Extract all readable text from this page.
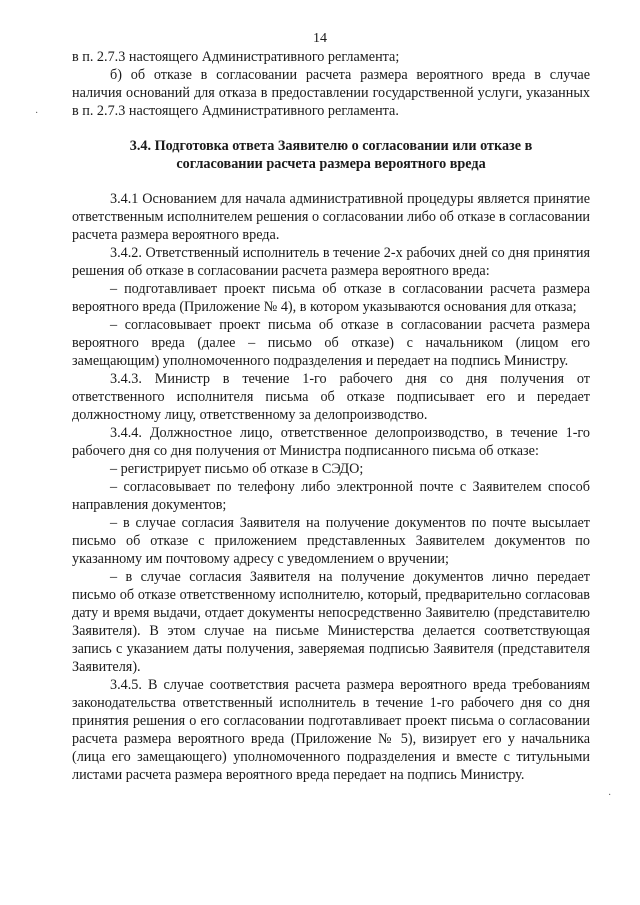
14

в п. 2.7.3 настоящего Административного регламента;

б) об отказе в согласовании расчета размера вероятного вреда в случае наличия оснований для отказа в предоставлении государственной услуги, указанных в п. 2.7.3 настоящего Административного регламента.

3.4. Подготовка ответа Заявителю о согласовании или отказе в согласовании расчета размера вероятного вреда

3.4.1 Основанием для начала административной процедуры является принятие ответственным исполнителем решения о согласовании либо об отказе в согласовании расчета размера вероятного вреда.

3.4.2. Ответственный исполнитель в течение 2-х рабочих дней со дня принятия решения об отказе в согласовании расчета размера вероятного вреда:

– подготавливает проект письма об отказе в согласовании расчета размера вероятного вреда (Приложение № 4), в котором указываются основания для отказа;

– согласовывает проект письма об отказе в согласовании расчета размера вероятного вреда (далее – письмо об отказе) с начальником (лицом его замещающим) уполномоченного подразделения и передает на подпись Министру.

3.4.3. Министр в течение 1-го рабочего дня со дня получения от ответственного исполнителя письма об отказе подписывает его и передает должностному лицу, ответственному за делопроизводство.

3.4.4. Должностное лицо, ответственное делопроизводство, в течение 1-го рабочего дня со дня получения от Министра подписанного письма об отказе:

– регистрирует письмо об отказе в СЭДО;

– согласовывает по телефону либо электронной почте с Заявителем способ направления документов;

– в случае согласия Заявителя на получение документов по почте высылает письмо об отказе с приложением представленных Заявителем документов по указанному им почтовому адресу с уведомлением о вручении;

– в случае согласия Заявителя на получение документов лично передает письмо об отказе ответственному исполнителю, который, предварительно согласовав дату и время выдачи, отдает документы непосредственно Заявителю (представителю Заявителя). В этом случае на письме Министерства делается соответствующая запись с указанием даты получения, заверяемая подписью Заявителя (представителя Заявителя).

3.4.5. В случае соответствия расчета размера вероятного вреда требованиям законодательства ответственный исполнитель в течение 1-го рабочего дня со дня принятия решения о его согласовании подготавливает проект письма о согласовании расчета размера вероятного вреда (Приложение № 5), визирует его у начальника (лица его замещающего) уполномоченного подразделения и вместе с титульными листами расчета размера вероятного вреда передает на подпись Министру.

·
·
